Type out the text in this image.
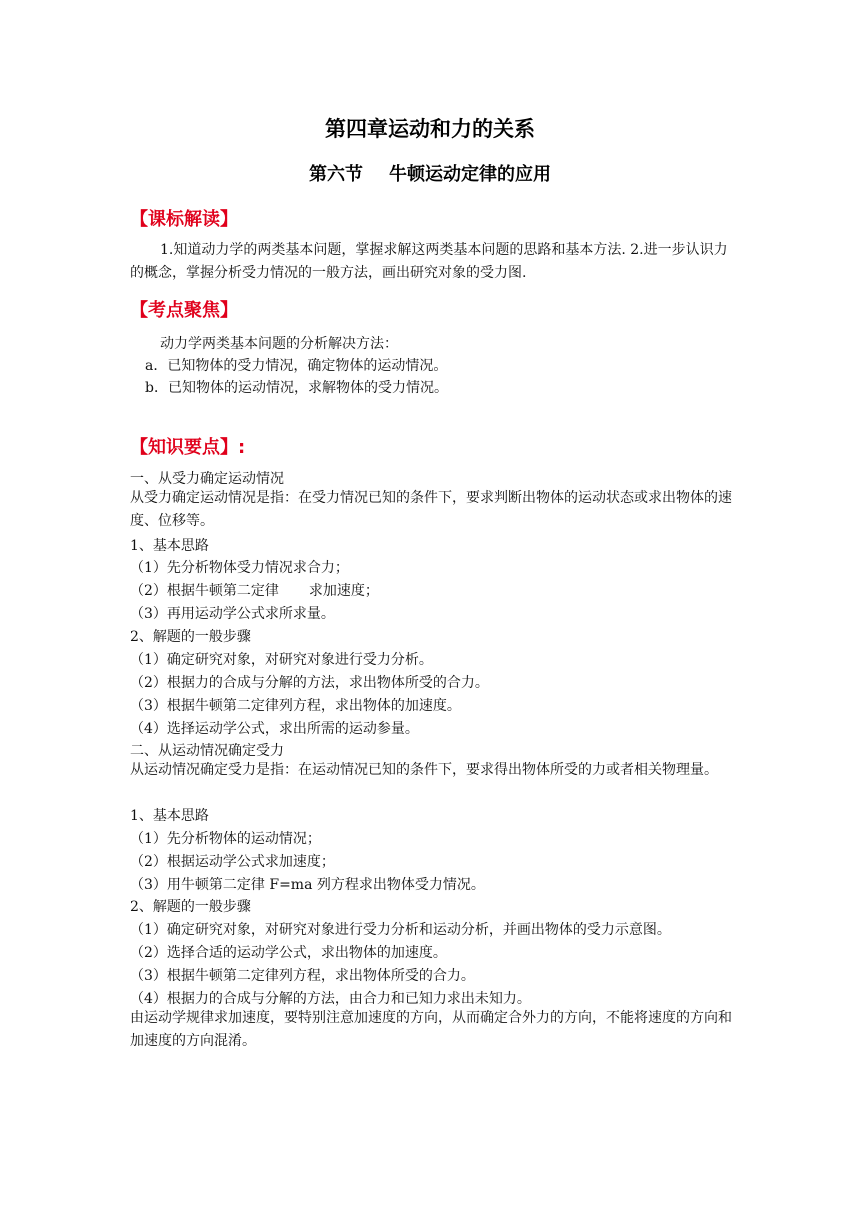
第四章运动和力的关系
第六节 牛顿运动定律的应用
【课标解读】
1.知道动力学的两类基本问题，掌握求解这两类基本问题的思路和基本方法. 2.进一步认识力的概念，掌握分析受力情况的一般方法，画出研究对象的受力图.
【考点聚焦】
动力学两类基本问题的分析解决方法：
a．已知物体的受力情况，确定物体的运动情况。
b．已知物体的运动情况，求解物体的受力情况。
【知识要点】:
一、从受力确定运动情况
从受力确定运动情况是指：在受力情况已知的条件下，要求判断出物体的运动状态或求出物体的速度、位移等。
1、基本思路
（1）先分析物体受力情况求合力；
（2）根据牛顿第二定律 求加速度；
（3）再用运动学公式求所求量。
2、解题的一般步骤
（1）确定研究对象，对研究对象进行受力分析。
（2）根据力的合成与分解的方法，求出物体所受的合力。
（3）根据牛顿第二定律列方程，求出物体的加速度。
（4）选择运动学公式，求出所需的运动参量。
二、从运动情况确定受力
从运动情况确定受力是指：在运动情况已知的条件下，要求得出物体所受的力或者相关物理量。
1、基本思路
（1）先分析物体的运动情况；
（2）根据运动学公式求加速度；
（3）用牛顿第二定律 F=ma 列方程求出物体受力情况。
2、解题的一般步骤
（1）确定研究对象，对研究对象进行受力分析和运动分析，并画出物体的受力示意图。
（2）选择合适的运动学公式，求出物体的加速度。
（3）根据牛顿第二定律列方程，求出物体所受的合力。
（4）根据力的合成与分解的方法，由合力和已知力求出未知力。
由运动学规律求加速度，要特别注意加速度的方向，从而确定合外力的方向，不能将速度的方向和加速度的方向混淆。
